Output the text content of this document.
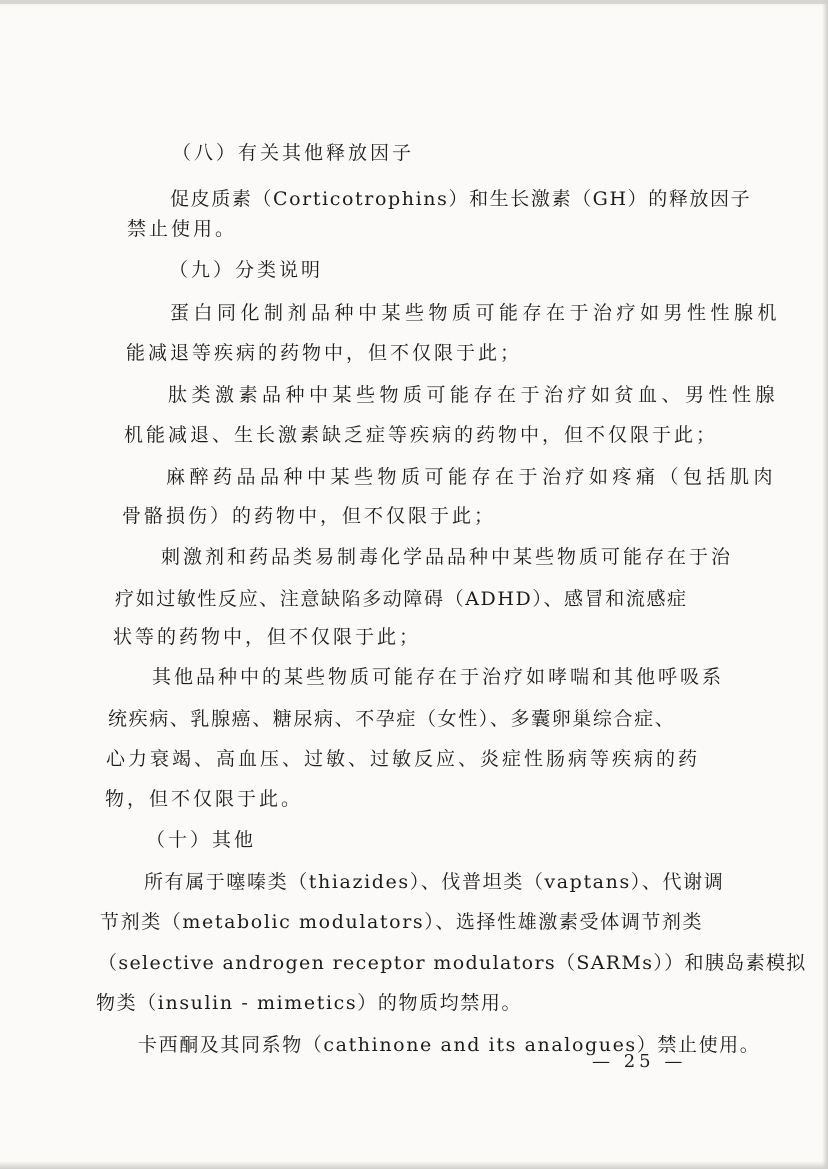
（八）有关其他释放因子
促皮质素（Corticotrophins）和生长激素（GH）的释放因子
禁止使用。
（九）分类说明
蛋白同化制剂品种中某些物质可能存在于治疗如男性性腺机
能减退等疾病的药物中，但不仅限于此；
肽类激素品种中某些物质可能存在于治疗如贫血、男性性腺
机能减退、生长激素缺乏症等疾病的药物中，但不仅限于此；
麻醉药品品种中某些物质可能存在于治疗如疼痛（包括肌肉
骨骼损伤）的药物中，但不仅限于此；
刺激剂和药品类易制毒化学品品种中某些物质可能存在于治
疗如过敏性反应、注意缺陷多动障碍（ADHD）、感冒和流感症
状等的药物中，但不仅限于此；
其他品种中的某些物质可能存在于治疗如哮喘和其他呼吸系
统疾病、乳腺癌、糖尿病、不孕症（女性）、多囊卵巢综合症、
心力衰竭、高血压、过敏、过敏反应、炎症性肠病等疾病的药
物，但不仅限于此。
（十）其他
所有属于噻嗪类（thiazides）、伐普坦类（vaptans）、代谢调
节剂类（metabolic modulators）、选择性雄激素受体调节剂类
（selective androgen receptor modulators（SARMs））和胰岛素模拟
物类（insulin - mimetics）的物质均禁用。
卡西酮及其同系物（cathinone and its analogues）禁止使用。
— 25 —
